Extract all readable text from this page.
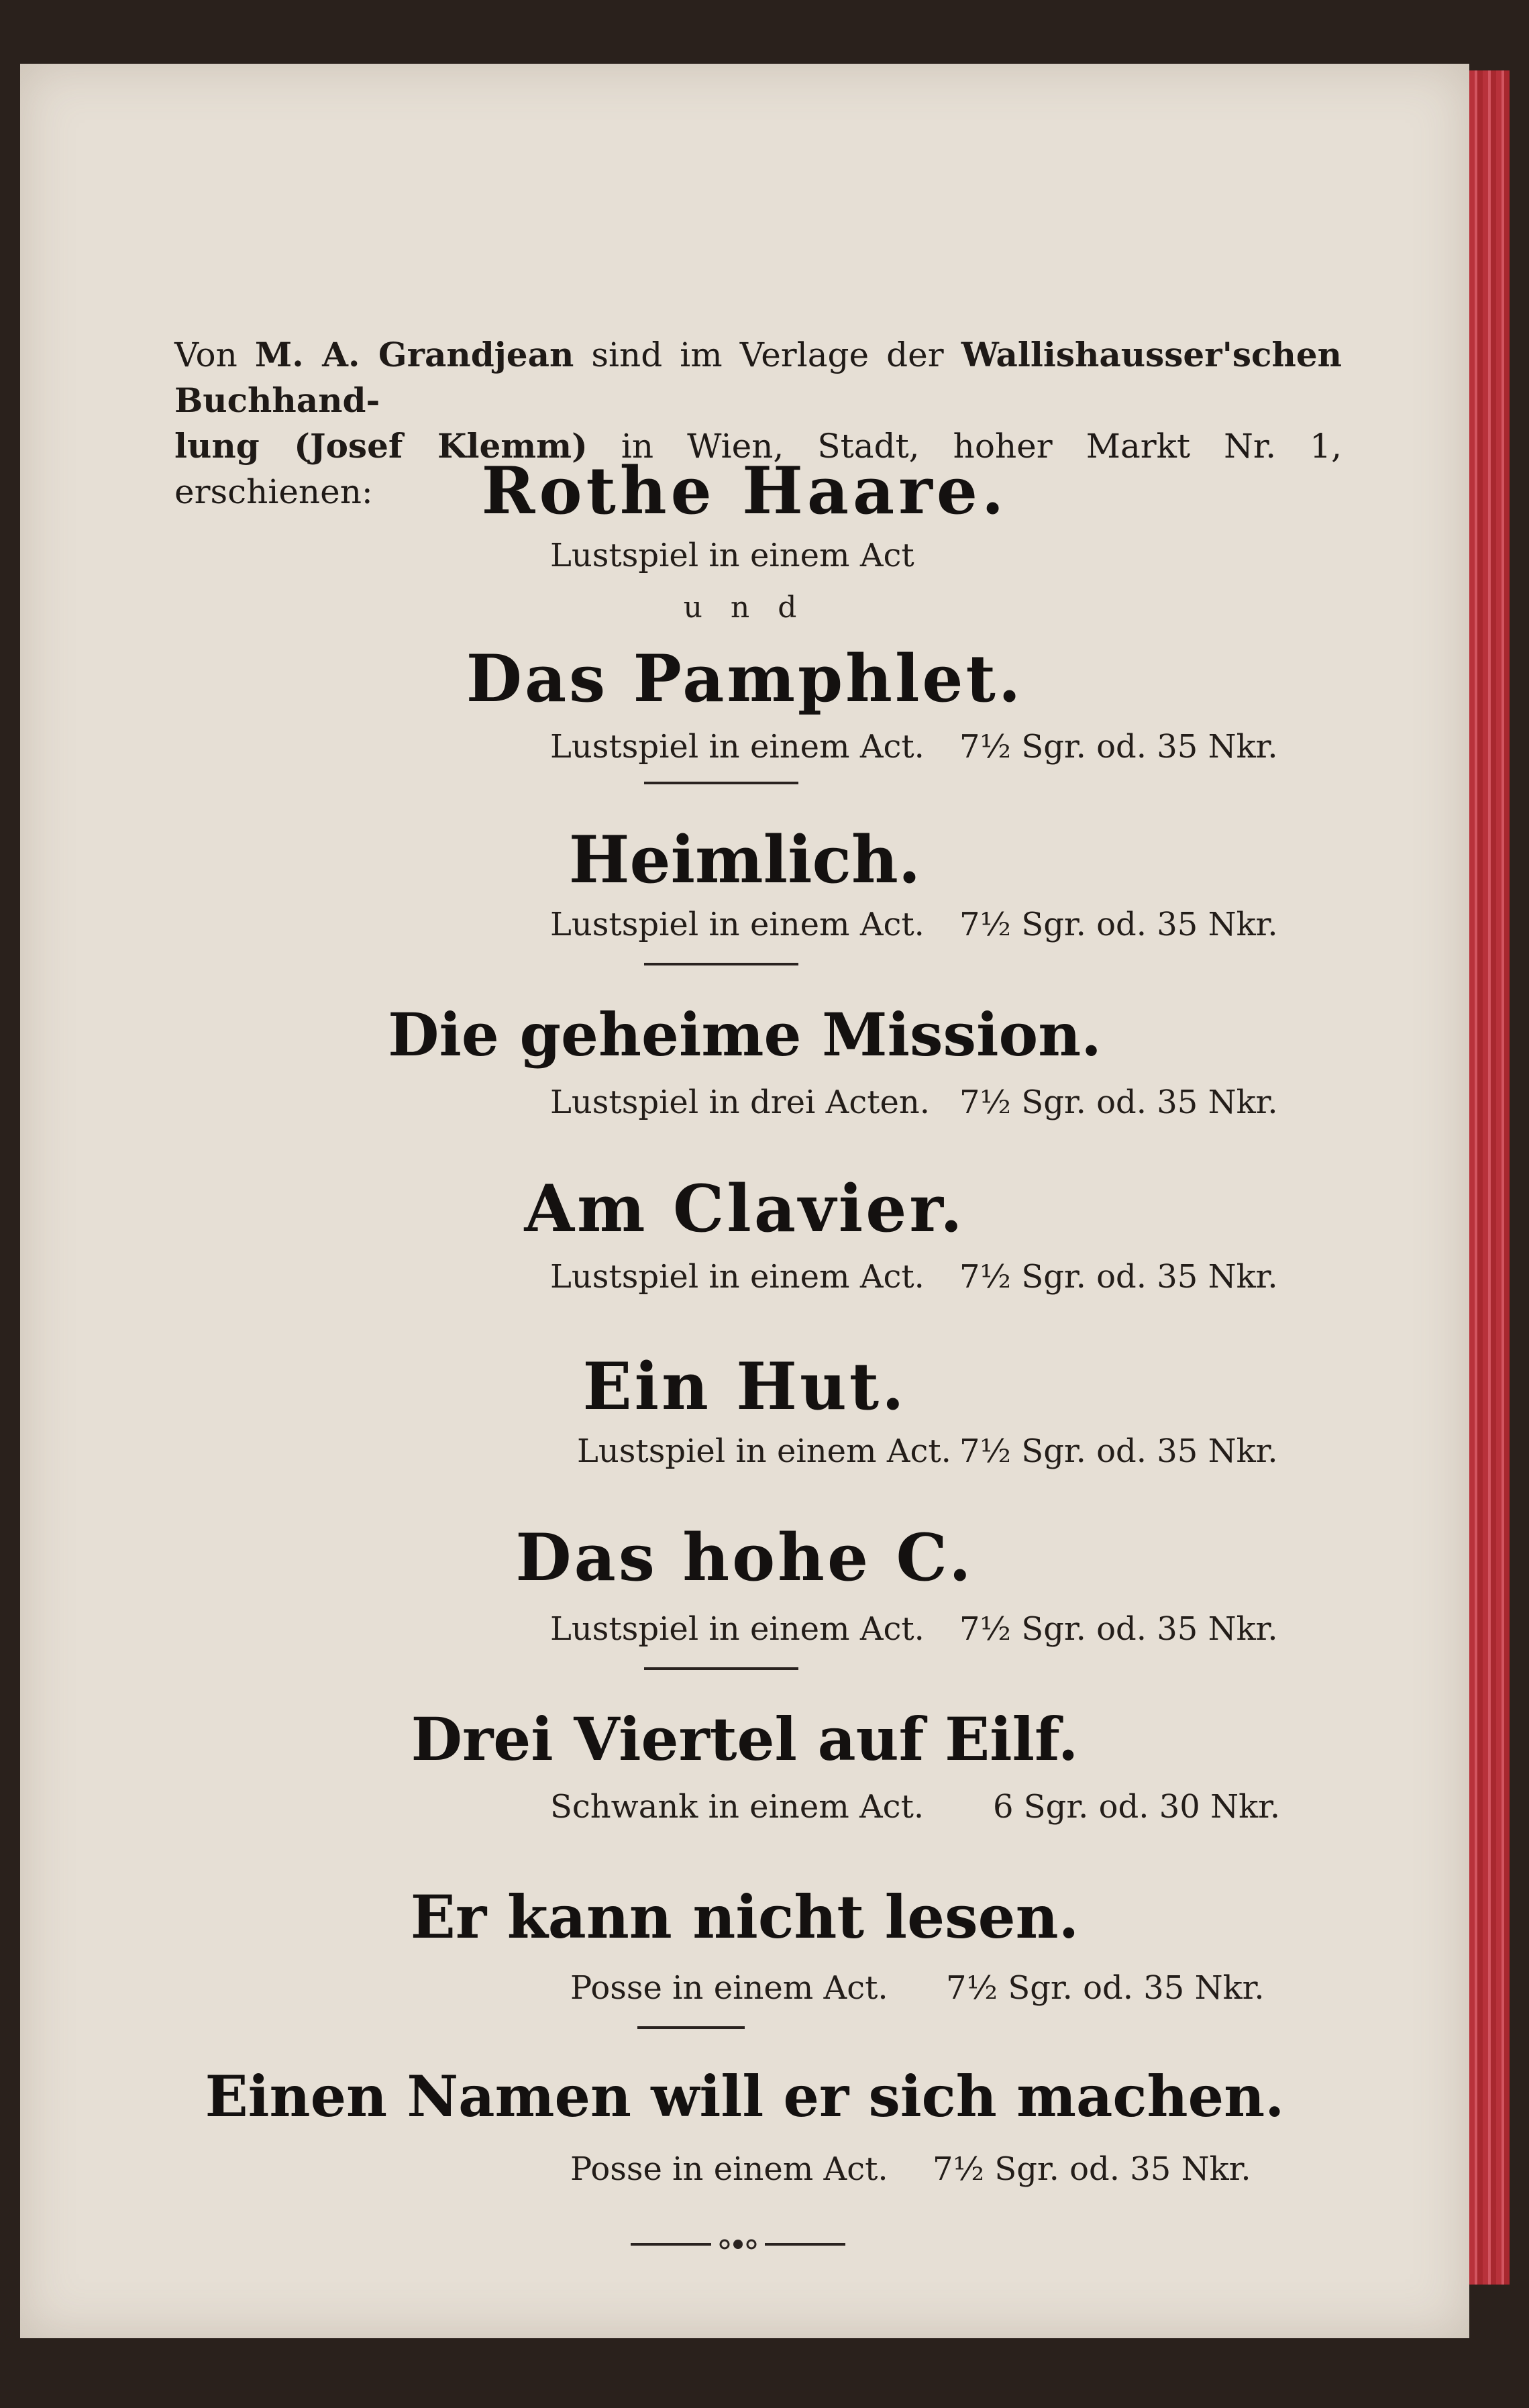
Von M. A. Grandjean sind im Verlage der Wallishausser'schen Buchhand-
lung (Josef Klemm) in Wien, Stadt, hoher Markt Nr. 1, erschienen:	Rothe Haare.
Lustspiel in einem Act
u n d
Das Pamphlet.
Lustspiel in einem Act. 7½ Sgr. od. 35 Nkr.
Heimlich.
Lustspiel in einem Act. 7½ Sgr. od. 35 Nkr.
Die geheime Mission.
Lustspiel in drei Acten. 7½ Sgr. od. 35 Nkr.
Am Clavier.
Lustspiel in einem Act. 7½ Sgr. od. 35 Nkr.
Ein Hut.
Lustspiel in einem Act. 7½ Sgr. od. 35 Nkr.
Das hohe C.
Lustspiel in einem Act. 7½ Sgr. od. 35 Nkr.
Drei Viertel auf Eilf.
Schwank in einem Act. 6 Sgr. od. 30 Nkr.
Er kann nicht lesen.
Posse in einem Act. 7½ Sgr. od. 35 Nkr.
Einen Namen will er sich machen.
Posse in einem Act. 7½ Sgr. od. 35 Nkr.
